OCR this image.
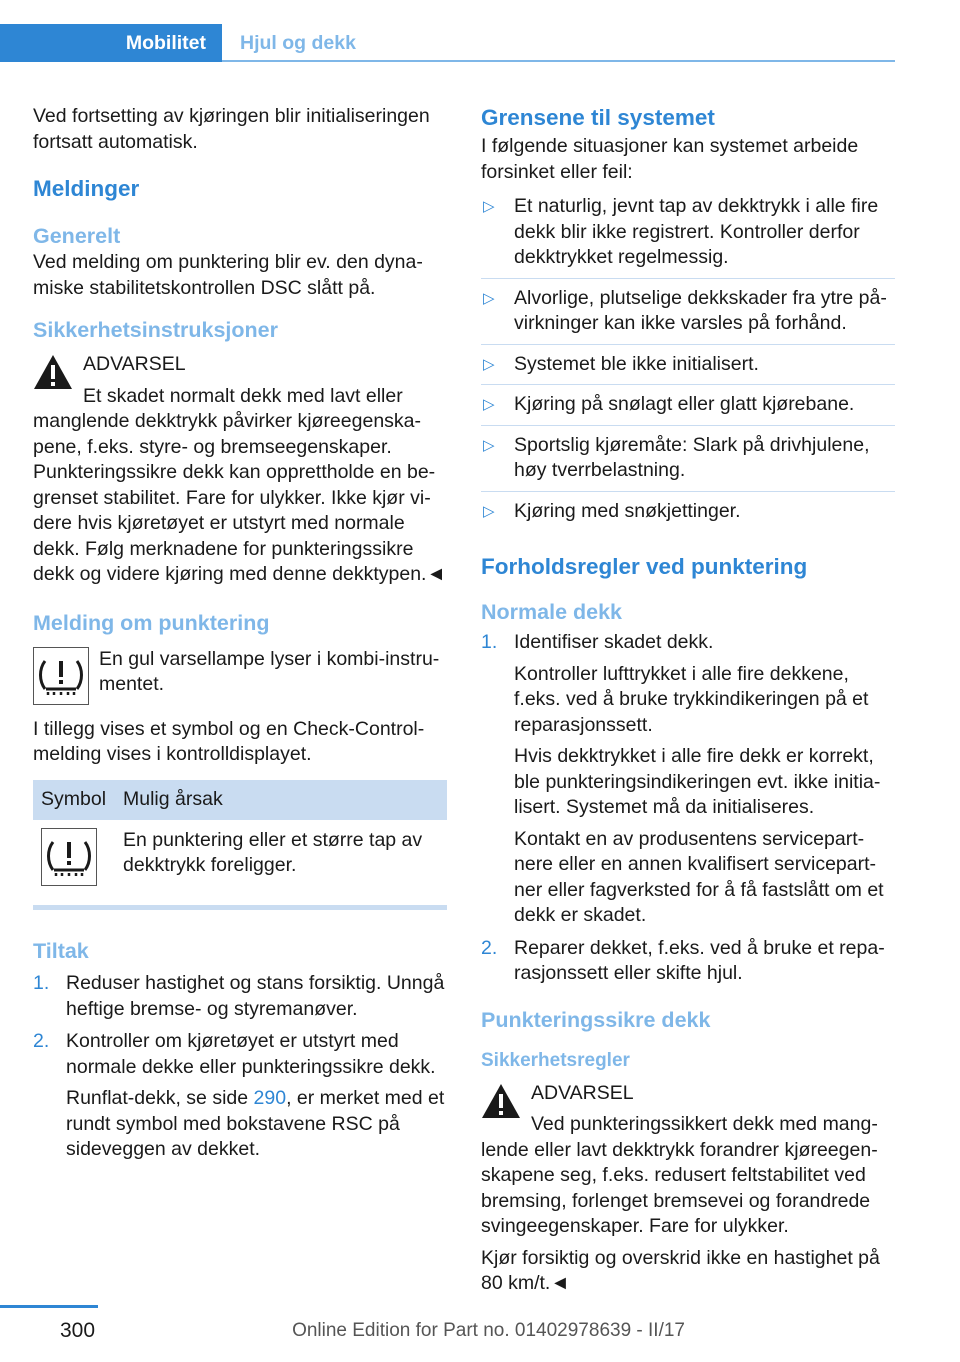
Mobilitet Hjul og dekk

Ved fortsetting av kjøringen blir initialiseringen fortsatt automatisk.

Meldinger
Generelt

Ved melding om punktering blir ev. den dynamiske stabilitetskontrollen DSC slått på.

Sikkerhetsinstruksjoner
ADVARSEL

Et skadet normalt dekk med lavt eller manglende dekktrykk påvirker kjøreegenskapene, f.eks. styre- og bremseegenskaper. Punkteringssikre dekk kan opprettholde en begrenset stabilitet. Fare for ulykker. Ikke kjør videre hvis kjøretøyet er utstyrt med normale dekk. Følg merknadene for punkteringssikre dekk og videre kjøring med denne dekktypen.◄

Melding om punktering

En gul varsellampe lyser i kombi-instrumentet.

I tillegg vises et symbol og en Check-Control-melding vises i kontrolldisplayet.

Symbol	Mulig årsak
	En punktering eller et større tap av dekktrykk foreligger.
Tiltak
1. Reduser hastighet og stans forsiktig. Unngå heftige bremse- og styremanøver.
2. Kontroller om kjøretøyet er utstyrt med normale dekke eller punkteringssikre dekk.

Runflat-dekk, se side 290, er merket med et rundt symbol med bokstavene RSC på sideveggen av dekket.

Grensene til systemet

I følgende situasjoner kan systemet arbeide forsinket eller feil:

▷ Et naturlig, jevnt tap av dekktrykk i alle fire dekk blir ikke registrert. Kontroller derfor dekktrykket regelmessig.
▷ Alvorlige, plutselige dekkskader fra ytre påvirkninger kan ikke varsles på forhånd.
▷ Systemet ble ikke initialisert.
▷ Kjøring på snølagt eller glatt kjørebane.
▷ Sportslig kjøremåte: Slark på drivhjulene, høy tverrbelastning.
▷ Kjøring med snøkjettinger.
Forholdsregler ved punktering
Normale dekk
1. Identifiser skadet dekk.

Kontroller lufttrykket i alle fire dekkene, f.eks. ved å bruke trykkindikeringen på et reparasjonssett.

Hvis dekktrykket i alle fire dekk er korrekt, ble punkteringsindikeringen evt. ikke initialisert. Systemet må da initialiseres.

Kontakt en av produsentens servicepartnere eller en annen kvalifisert servicepartner eller fagverksted for å få fastslått om et dekk er skadet.

2. Reparer dekket, f.eks. ved å bruke et reparasjonssett eller skifte hjul.
Punkteringssikre dekk
Sikkerhetsregler
ADVARSEL

Ved punkteringssikkert dekk med manglende eller lavt dekktrykk forandrer kjøreegenskapene seg, f.eks. redusert feltstabilitet ved bremsing, forlenget bremsevei og forandrede svingeegenskaper. Fare for ulykker.

Kjør forsiktig og overskrid ikke en hastighet på 80 km/t.◄

300	Online Edition for Part no. 01402978639 - II/17
